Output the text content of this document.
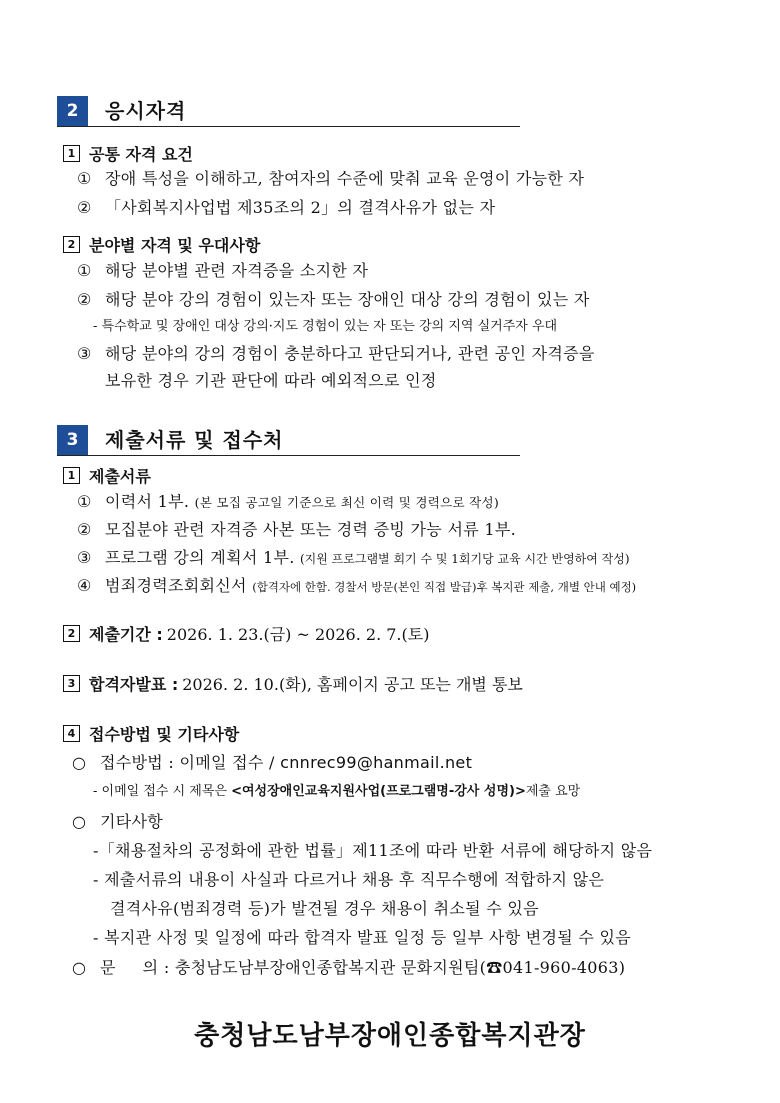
2	응시자격
1 공통 자격 요건
① 장애 특성을 이해하고, 참여자의 수준에 맞춰 교육 운영이 가능한 자
② 「사회복지사업법 제35조의 2」의 결격사유가 없는 자
2 분야별 자격 및 우대사항
① 해당 분야별 관련 자격증을 소지한 자
② 해당 분야 강의 경험이 있는자 또는 장애인 대상 강의 경험이 있는 자
- 특수학교 및 장애인 대상 강의·지도 경험이 있는 자 또는 강의 지역 실거주자 우대
③ 해당 분야의 강의 경험이 충분하다고 판단되거나, 관련 공인 자격증을
보유한 경우 기관 판단에 따라 예외적으로 인정
3	제출서류 및 접수처
1 제출서류
① 이력서 1부. (본 모집 공고일 기준으로 최신 이력 및 경력으로 작성)
② 모집분야 관련 자격증 사본 또는 경력 증빙 가능 서류 1부.
③ 프로그램 강의 계획서 1부. (지원 프로그램별 회기 수 및 1회기당 교육 시간 반영하여 작성)
④ 범죄경력조회회신서 (합격자에 한함. 경찰서 방문(본인 직접 발급)후 복지관 제출, 개별 안내 예정)
2 제출기간 : 2026. 1. 23.(금) ~ 2026. 2. 7.(토)
3 합격자발표 : 2026. 2. 10.(화), 홈페이지 공고 또는 개별 통보
4 접수방법 및 기타사항
○ 접수방법 : 이메일 접수 / cnnrec99@hanmail.net
- 이메일 접수 시 제목은 <여성장애인교육지원사업(프로그램명-강사 성명)>제출 요망
○ 기타사항
-「채용절차의 공정화에 관한 법률」제11조에 따라 반환 서류에 해당하지 않음
- 제출서류의 내용이 사실과 다르거나 채용 후 직무수행에 적합하지 않은
결격사유(범죄경력 등)가 발견될 경우 채용이 취소될 수 있음
- 복지관 사정 및 일정에 따라 합격자 발표 일정 등 일부 사항 변경될 수 있음
○ 문     의 : 충청남도남부장애인종합복지관 문화지원팀(☎041-960-4063)
충청남도남부장애인종합복지관장
